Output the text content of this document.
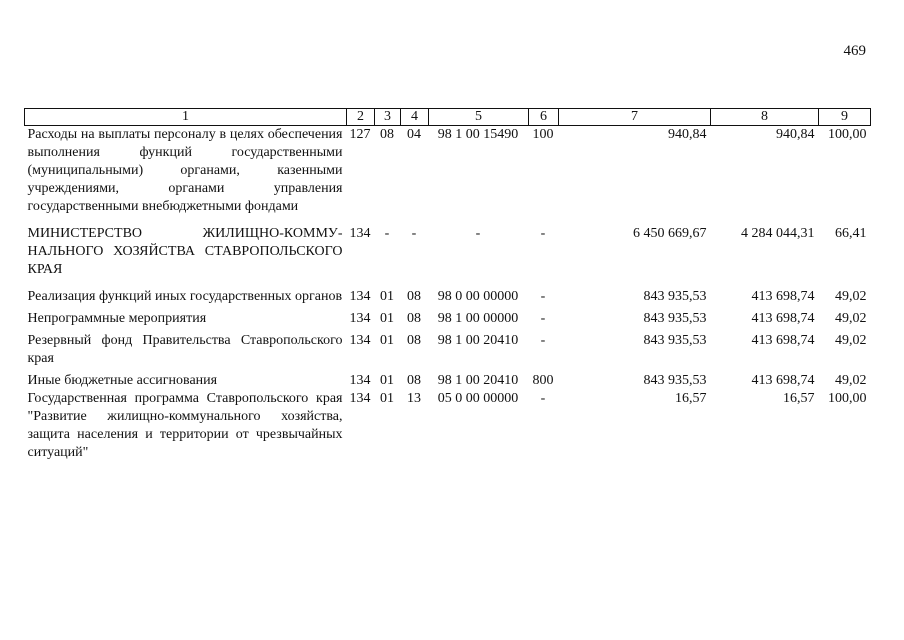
469
1	2	3	4	5	6	7	8	9
Расходы на выплаты персоналу в целях обеспечения выполнения функций государственными (муниципальными) органами, казенными учреждениями, органами управления государственными внебюджетными фондами	127	08	04	98 1 00 15490	100	940,84	940,84	100,00
МИНИСТЕРСТВО ЖИЛИЩНО-КОММУНАЛЬНОГО ХОЗЯЙСТВА СТАВРОПОЛЬСКОГО КРАЯ	134	-	-	-	-	6 450 669,67	4 284 044,31	66,41
Реализация функций иных государственных органов	134	01	08	98 0 00 00000	-	843 935,53	413 698,74	49,02
Непрограммные мероприятия	134	01	08	98 1 00 00000	-	843 935,53	413 698,74	49,02
Резервный фонд Правительства Ставропольского края	134	01	08	98 1 00 20410	-	843 935,53	413 698,74	49,02
Иные бюджетные ассигнования	134	01	08	98 1 00 20410	800	843 935,53	413 698,74	49,02
Государственная программа Ставропольского края "Развитие жилищно-коммунального хозяйства, защита населения и территории от чрезвычайных ситуаций"	134	01	13	05 0 00 00000	-	16,57	16,57	100,00
